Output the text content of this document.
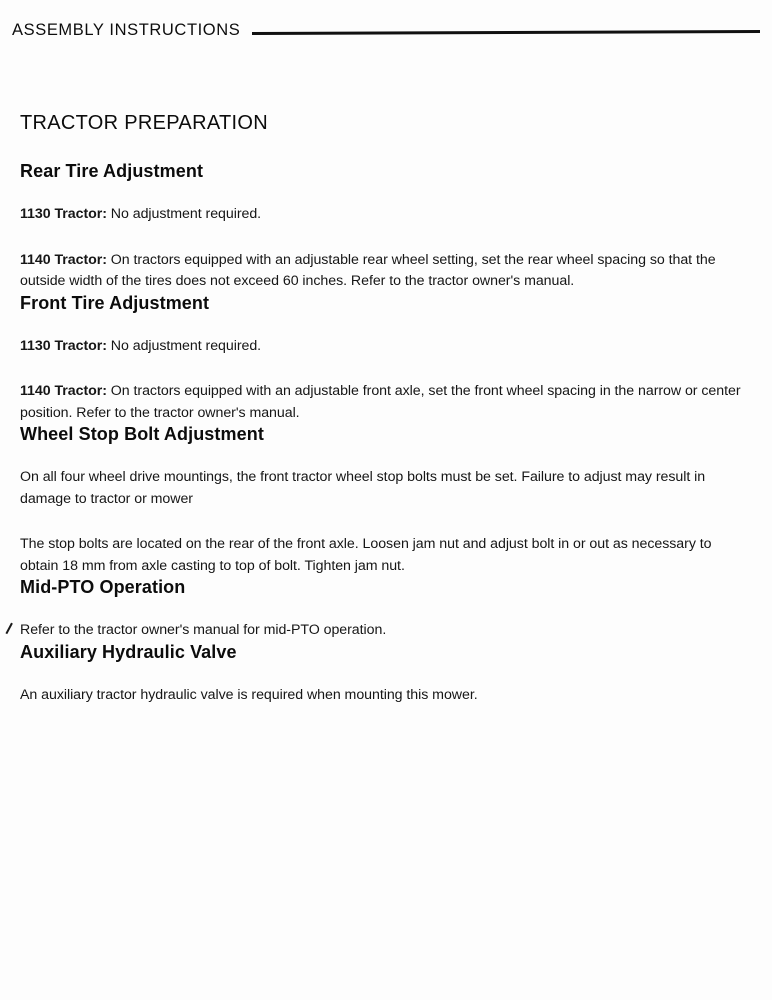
ASSEMBLY INSTRUCTIONS
TRACTOR PREPARATION
Rear Tire Adjustment

1130 Tractor: No adjustment required.

1140 Tractor: On tractors equipped with an adjustable rear wheel setting, set the rear wheel spacing so that the outside width of the tires does not exceed 60 inches. Refer to the tractor owner's manual.

Front Tire Adjustment

1130 Tractor: No adjustment required.

1140 Tractor: On tractors equipped with an adjustable front axle, set the front wheel spacing in the narrow or center position. Refer to the tractor owner's manual.

Wheel Stop Bolt Adjustment

On all four wheel drive mountings, the front tractor wheel stop bolts must be set. Failure to adjust may result in damage to tractor or mower

The stop bolts are located on the rear of the front axle. Loosen jam nut and adjust bolt in or out as necessary to obtain 18 mm from axle casting to top of bolt. Tighten jam nut.

Mid-PTO Operation

Refer to the tractor owner's manual for mid-PTO operation.

Auxiliary Hydraulic Valve

An auxiliary tractor hydraulic valve is required when mounting this mower.
